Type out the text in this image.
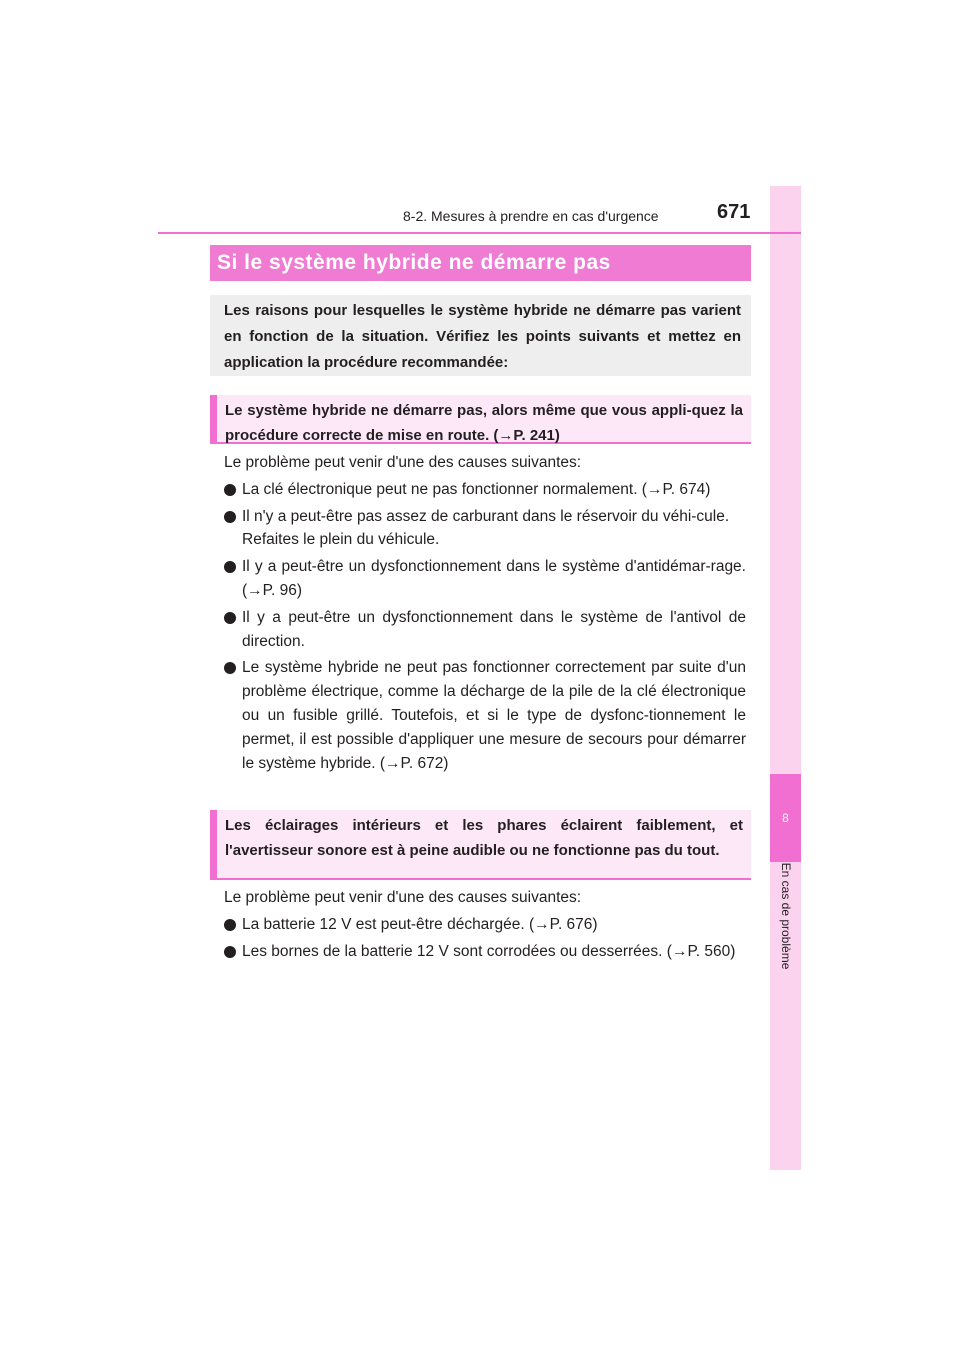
8
En cas de problème
8-2. Mesures à prendre en cas d'urgence	671
Si le système hybride ne démarre pas
Les raisons pour lesquelles le système hybride ne démarre pas varient en fonction de la situation. Vérifiez les points suivants et mettez en application la procédure recommandée:
Le système hybride ne démarre pas, alors même que vous appli-quez la procédure correcte de mise en route. (→P. 241)

Le problème peut venir d'une des causes suivantes:

La clé électronique peut ne pas fonctionner normalement. (→P. 674)

Il n'y a peut-être pas assez de carburant dans le réservoir du véhi-cule.
Refaites le plein du véhicule.

Il y a peut-être un dysfonctionnement dans le système d'antidémar-rage. (→P. 96)

Il y a peut-être un dysfonctionnement dans le système de l'antivol de direction.

Le système hybride ne peut pas fonctionner correctement par suite d'un problème électrique, comme la décharge de la pile de la clé électronique ou un fusible grillé. Toutefois, et si le type de dysfonc-tionnement le permet, il est possible d'appliquer une mesure de secours pour démarrer le système hybride. (→P. 672)

Les éclairages intérieurs et les phares éclairent faiblement, et l'avertisseur sonore est à peine audible ou ne fonctionne pas du tout.

Le problème peut venir d'une des causes suivantes:

La batterie 12 V est peut-être déchargée. (→P. 676)

Les bornes de la batterie 12 V sont corrodées ou desserrées. (→P. 560)
